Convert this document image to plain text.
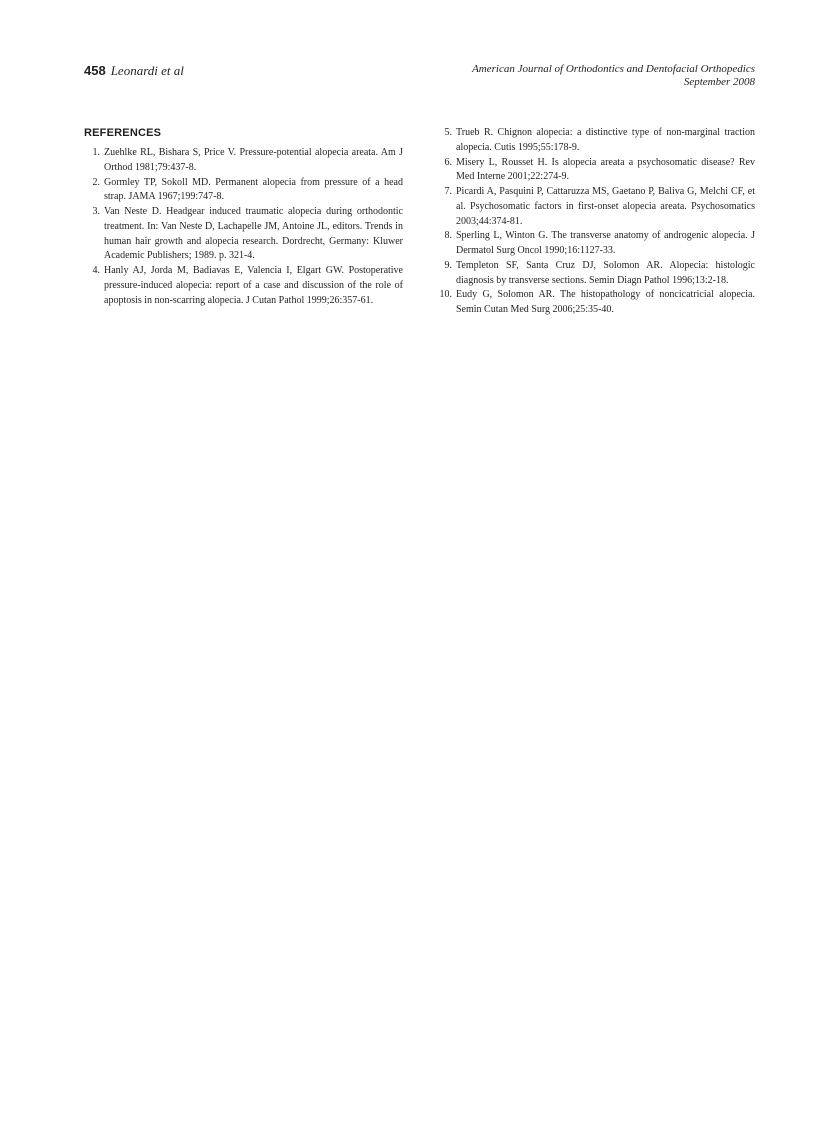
458 Leonardi et al	American Journal of Orthodontics and Dentofacial Orthopedics
September 2008
REFERENCES
1. Zuehlke RL, Bishara S, Price V. Pressure-potential alopecia areata. Am J Orthod 1981;79:437-8.
2. Gormley TP, Sokoll MD. Permanent alopecia from pressure of a head strap. JAMA 1967;199:747-8.
3. Van Neste D. Headgear induced traumatic alopecia during orthodontic treatment. In: Van Neste D, Lachapelle JM, Antoine JL, editors. Trends in human hair growth and alopecia research. Dordrecht, Germany: Kluwer Academic Publishers; 1989. p. 321-4.
4. Hanly AJ, Jorda M, Badiavas E, Valencia I, Elgart GW. Postoperative pressure-induced alopecia: report of a case and discussion of the role of apoptosis in non-scarring alopecia. J Cutan Pathol 1999;26:357-61.
5. Trueb R. Chignon alopecia: a distinctive type of non-marginal traction alopecia. Cutis 1995;55:178-9.
6. Misery L, Rousset H. Is alopecia areata a psychosomatic disease? Rev Med Interne 2001;22:274-9.
7. Picardi A, Pasquini P, Cattaruzza MS, Gaetano P, Baliva G, Melchi CF, et al. Psychosomatic factors in first-onset alopecia areata. Psychosomatics 2003;44:374-81.
8. Sperling L, Winton G. The transverse anatomy of androgenic alopecia. J Dermatol Surg Oncol 1990;16:1127-33.
9. Templeton SF, Santa Cruz DJ, Solomon AR. Alopecia: histologic diagnosis by transverse sections. Semin Diagn Pathol 1996;13:2-18.
10. Eudy G, Solomon AR. The histopathology of noncicatricial alopecia. Semin Cutan Med Surg 2006;25:35-40.
